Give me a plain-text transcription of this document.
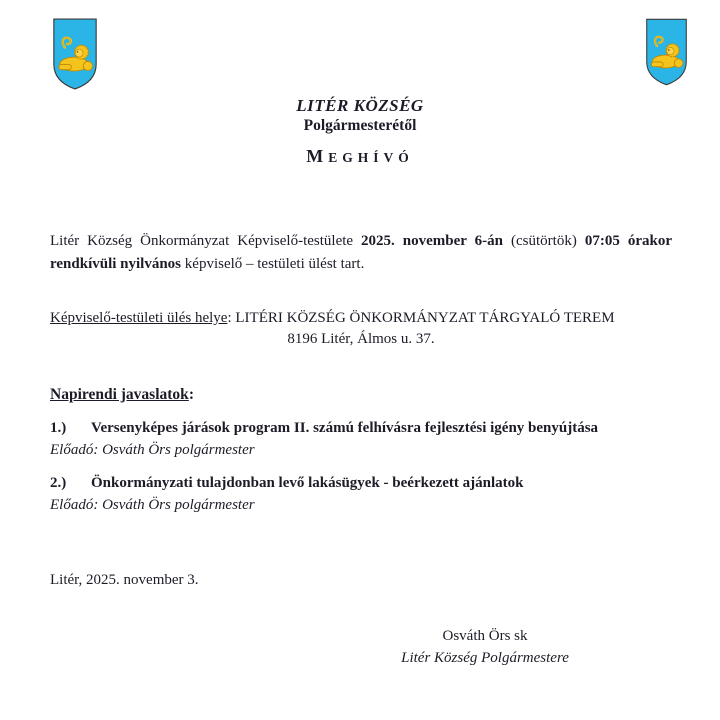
LITÉR KÖZSÉG
Polgármesterétől
MEGHÍVÓ

Litér Község Önkormányzat Képviselő-testülete 2025. november 6-án (csütörtök) 07:05 órakor rendkívüli nyilvános képviselő – testületi ülést tart.

Képviselő-testületi ülés helye: LITÉRI KÖZSÉG ÖNKORMÁNYZAT TÁRGYALÓ TEREM
8196 Litér, Álmos u. 37.
Napirendi javaslatok:
1.)	Versenyképes járások program II. számú felhívásra fejlesztési igény benyújtása
Előadó: Osváth Örs polgármester
2.)	Önkormányzati tulajdonban levő lakásügyek - beérkezett ajánlatok
Előadó: Osváth Örs polgármester
Litér, 2025. november 3.
Osváth Örs sk
Litér Község Polgármestere
